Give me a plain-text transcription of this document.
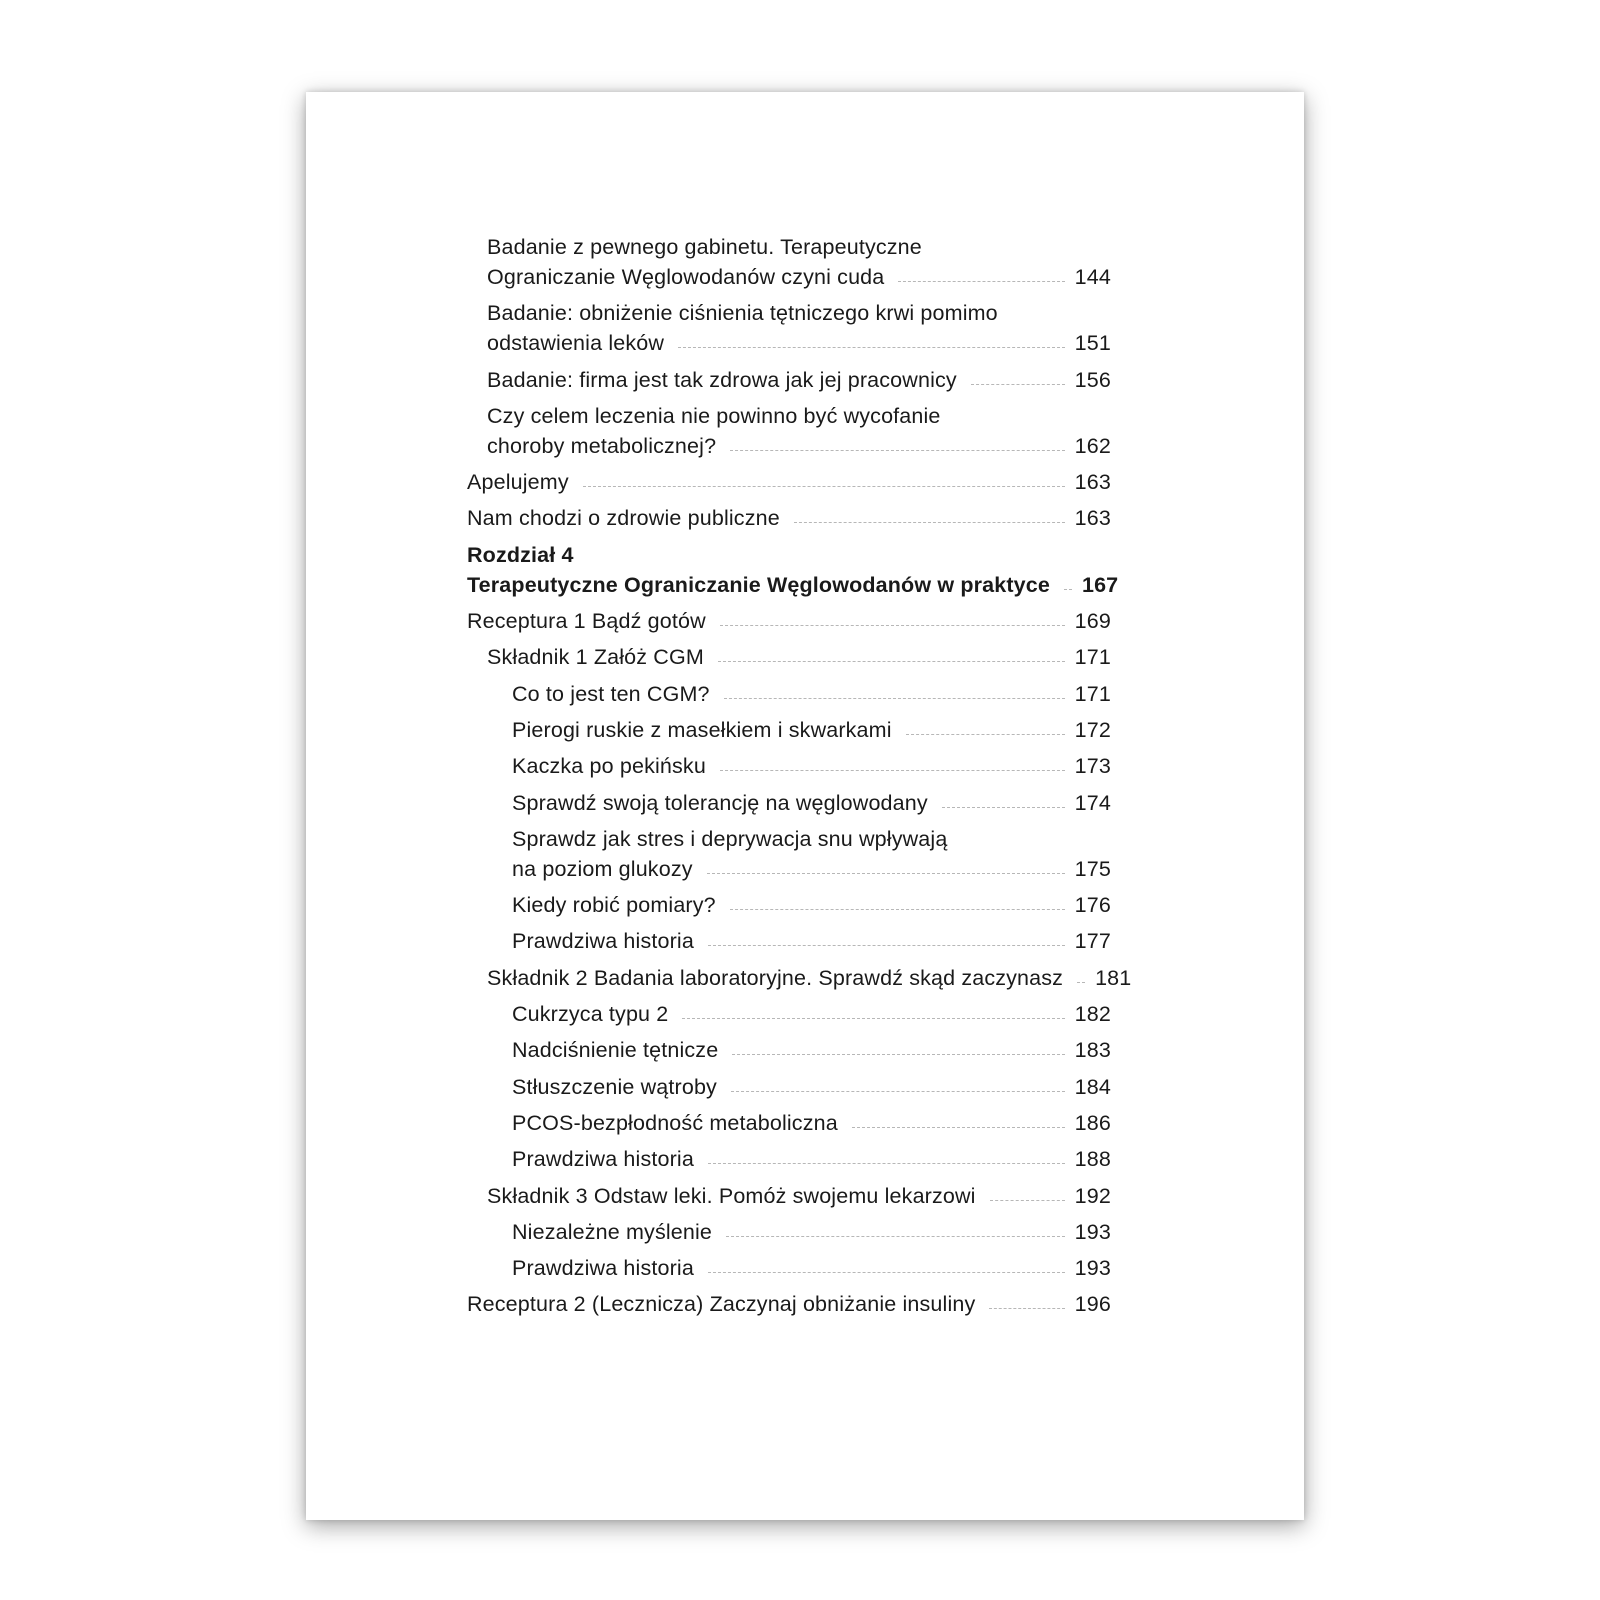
Badanie z pewnego gabinetu. Terapeutyczne
Ograniczanie Węglowodanów czyni cuda	144
Badanie: obniżenie ciśnienia tętniczego krwi pomimo
odstawienia leków	151
Badanie: firma jest tak zdrowa jak jej pracownicy	156
Czy celem leczenia nie powinno być wycofanie
choroby metabolicznej?	162
Apelujemy	163
Nam chodzi o zdrowie publiczne	163
Rozdział 4
Terapeutyczne Ograniczanie Węglowodanów w praktyce 167
Receptura 1 Bądź gotów	169
Składnik 1 Załóż CGM	171
Co to jest ten CGM?	171
Pierogi ruskie z masełkiem i skwarkami	172
Kaczka po pekińsku	173
Sprawdź swoją tolerancję na węglowodany	174
Sprawdz jak stres i deprywacja snu wpływają
na poziom glukozy	175
Kiedy robić pomiary?	176
Prawdziwa historia	177
Składnik 2 Badania laboratoryjne. Sprawdź skąd zaczynasz 181
Cukrzyca typu 2	182
Nadciśnienie tętnicze	183
Stłuszczenie wątroby	184
PCOS-bezpłodność metaboliczna	186
Prawdziwa historia	188
Składnik 3 Odstaw leki. Pomóż swojemu lekarzowi	192
Niezależne myślenie	193
Prawdziwa historia	193
Receptura 2 (Lecznicza) Zaczynaj obniżanie insuliny	196
